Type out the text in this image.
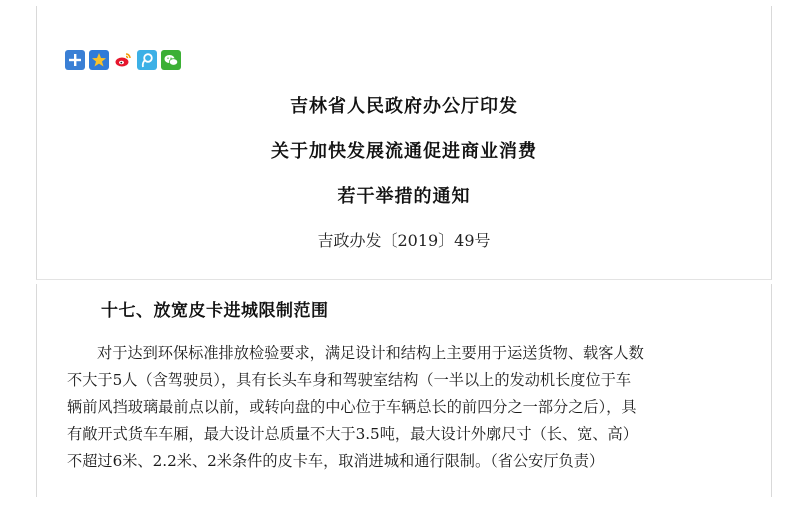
吉林省人民政府办公厅印发
关于加快发展流通促进商业消费
若干举措的通知
吉政办发〔2019〕49号
十七、放宽皮卡进城限制范围
对于达到环保标准排放检验要求，满足设计和结构上主要用于运送货物、载客人数
不大于5人（含驾驶员），具有长头车身和驾驶室结构（一半以上的发动机长度位于车
辆前风挡玻璃最前点以前，或转向盘的中心位于车辆总长的前四分之一部分之后），具
有敞开式货车车厢，最大设计总质量不大于3.5吨，最大设计外廓尺寸（长、宽、高）
不超过6米、2.2米、2米条件的皮卡车，取消进城和通行限制。（省公安厅负责）
